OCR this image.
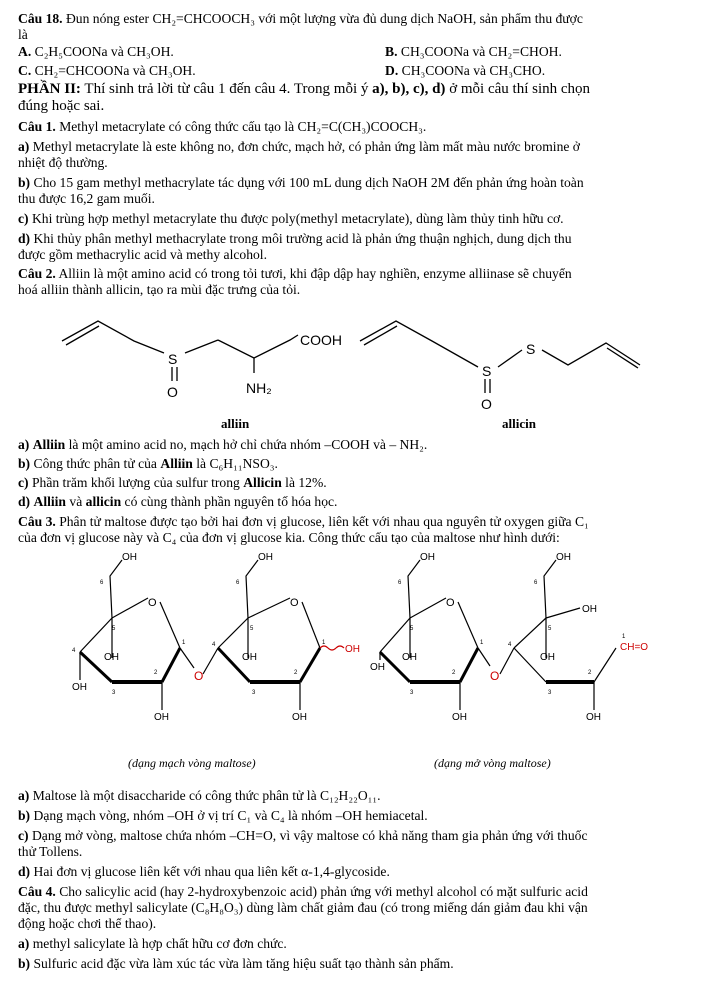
Câu 18. Đun nóng ester CH₂=CHCOOCH₃ với một lượng vừa đủ dung dịch NaOH, sản phẩm thu được
là
A. C₂H₅COONa và CH₃OH.	B. CH₃COONa và CH₂=CHOH.
C. CH₂=CHCOONa và CH₃OH.	D. CH₃COONa và CH₃CHO.
PHẦN II: Thí sinh trả lời từ câu 1 đến câu 4. Trong mỗi ý a), b), c), d) ở mỗi câu thí sinh chọn
đúng hoặc sai.
Câu 1. Methyl metacrylate có công thức cấu tạo là CH₂=C(CH₃)COOCH₃.
a) Methyl metacrylate là este không no, đơn chức, mạch hở, có phản ứng làm mất màu nước bromine ở
nhiệt độ thường.
b) Cho 15 gam methyl methacrylate tác dụng với 100 mL dung dịch NaOH 2M đến phản ứng hoàn toàn
thu được 16,2 gam muối.
c) Khi trùng hợp methyl metacrylate thu được poly(methyl metacrylate), dùng làm thủy tinh hữu cơ.
d) Khi thủy phân methyl methacrylate trong môi trường acid là phản ứng thuận nghịch, dung dịch thu
được gồm methacrylic acid và methy alcohol.
Câu 2. Alliin là một amino acid có trong tỏi tươi, khi đập dập hay nghiền, enzyme alliinase sẽ chuyển
hoá alliin thành allicin, tạo ra mùi đặc trưng của tỏi.
S
O
COOH
NH₂
S
S
O
alliin	allicin
a) Alliin là một amino acid no, mạch hở chỉ chứa nhóm –COOH và – NH₂.
b) Công thức phân tử của Alliin là C₆H₁₁NSO₃.
c) Phần trăm khối lượng của sulfur trong Allicin là 12%.
d) Alliin và allicin có cùng thành phần nguyên tố hóa học.
Câu 3. Phân tử maltose được tạo bởi hai đơn vị glucose, liên kết với nhau qua nguyên tử oxygen giữa C₁
của đơn vị glucose này và C₄ của đơn vị glucose kia. Công thức cấu tạo của maltose như hình dưới:
O	O
OH	OH
OH	OH
OH
OH	OH
OH
O
6
5
4
3
2
1
6
5
4
3
2
1
O
OH	OH
OH
OH	OH
OH
OH	OH
CH=O
O
6
5
2
3
1
6
5
4
3
2
1
(dạng mạch vòng maltose)	(dạng mở vòng maltose)
a) Maltose là một disaccharide có công thức phân tử là C₁₂H₂₂O₁₁.
b) Dạng mạch vòng, nhóm –OH ở vị trí C₁ và C₄ là nhóm –OH hemiacetal.
c) Dạng mở vòng, maltose chứa nhóm –CH=O, vì vậy maltose có khả năng tham gia phản ứng với thuốc
thử Tollens.
d) Hai đơn vị glucose liên kết với nhau qua liên kết α-1,4-glycoside.
Câu 4. Cho salicylic acid (hay 2-hydroxybenzoic acid) phản ứng với methyl alcohol có mặt sulfuric acid
đặc, thu được methyl salicylate (C₈H₈O₃) dùng làm chất giảm đau (có trong miếng dán giảm đau khi vận
động hoặc chơi thể thao).
a) methyl salicylate là hợp chất hữu cơ đơn chức.
b) Sulfuric acid đặc vừa làm xúc tác vừa làm tăng hiệu suất tạo thành sản phẩm.
